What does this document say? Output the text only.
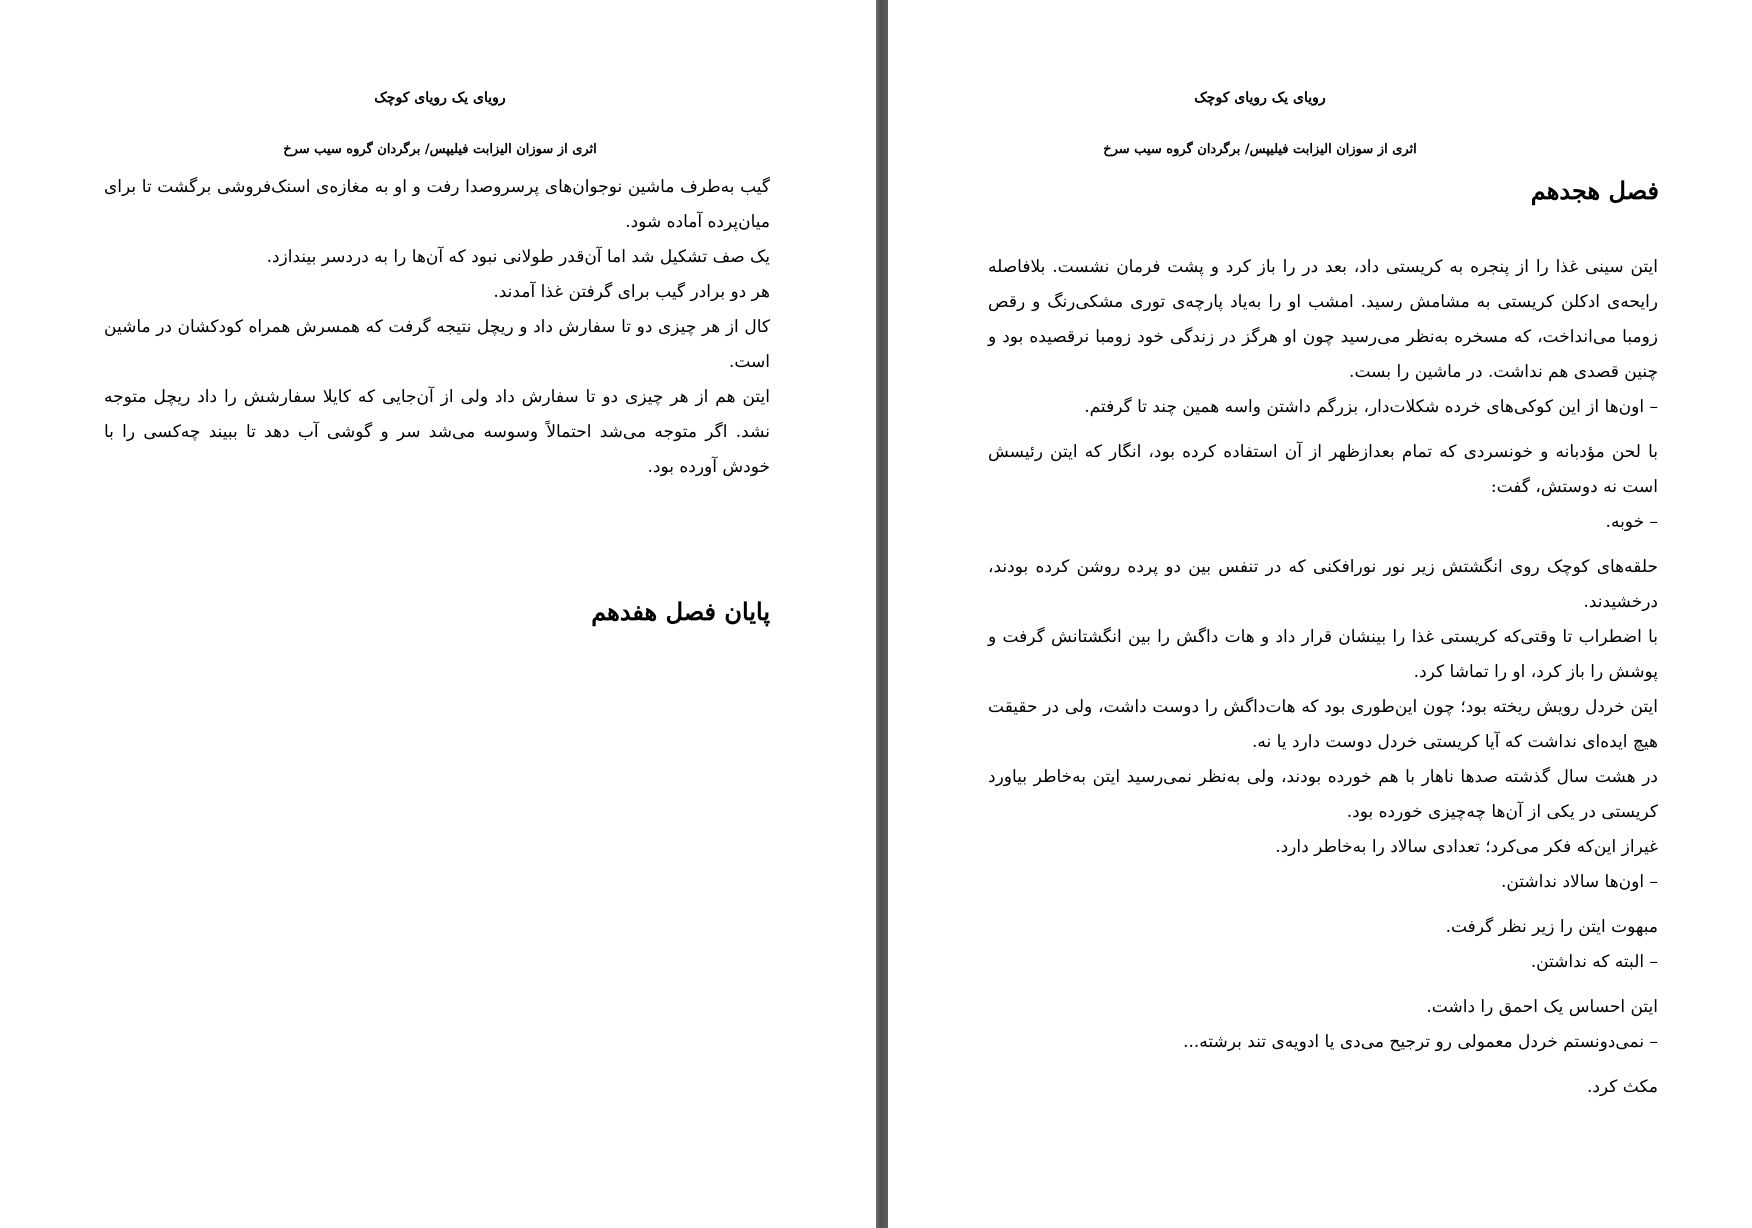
رویای یک رویای کوچک
اثری از سوزان الیزابت فیلیپس/ برگردان گروه سیب سرخ

گیب به‌طرف ماشین نوجوان‌های پرسروصدا رفت و او به مغازه‌ی اسنک‌فروشی برگشت تا برای میان‌پرده آماده شود.

یک صف تشکیل شد اما آن‌قدر طولانی نبود که آن‌ها را به دردسر بیندازد.

هر دو برادر گیب برای گرفتن غذا آمدند.

کال از هر چیزی دو تا سفارش داد و ریچل نتیجه گرفت که همسرش همراه کودکشان در ماشین است.

ایتن هم از هر چیزی دو تا سفارش داد ولی از آن‌جایی که کایلا سفارشش را داد ریچل متوجه نشد. اگر متوجه می‌شد احتمالاً وسوسه می‌شد سر و گوشی آب دهد تا ببیند چه‌کسی را با خودش آورده بود.

پایان فصل هفدهم
رویای یک رویای کوچک
اثری از سوزان الیزابت فیلیپس/ برگردان گروه سیب سرخ
فصل هجدهم

ایتن سینی غذا را از پنجره به کریستی داد، بعد در را باز کرد و پشت فرمان نشست. بلافاصله رایحه‌ی ادکلن کریستی به مشامش رسید. امشب او را به‌یاد پارچه‌ی توری مشکی‌رنگ و رقص زومبا می‌انداخت، که مسخره به‌نظر می‌رسید چون او هرگز در زندگی خود زومبا نرقصیده بود و چنین قصدی هم نداشت. در ماشین را بست.

– اون‌ها از این کوکی‌های خرده شکلات‌دار، بزرگم داشتن واسه همین چند تا گرفتم.

با لحن مؤدبانه و خونسردی که تمام بعدازظهر از آن استفاده کرده بود، انگار که ایتن رئیسش است نه دوستش، گفت:

– خوبه.

حلقه‌های کوچک روی انگشتش زیر نور نورافکنی که در تنفس بین دو پرده روشن کرده بودند، درخشیدند.

با اضطراب تا وقتی‌که کریستی غذا را بینشان قرار داد و هات داگش را بین انگشتانش گرفت و پوشش را باز کرد، او را تماشا کرد.

ایتن خردل رویش ریخته بود؛ چون این‌طوری بود که هات‌داگش را دوست داشت، ولی در حقیقت هیچ ایده‌ای نداشت که آیا کریستی خردل دوست دارد یا نه.

در هشت سال گذشته صدها ناهار با هم خورده بودند، ولی به‌نظر نمی‌رسید ایتن به‌خاطر بیاورد کریستی در یکی از آن‌ها چه‌چیزی خورده بود.

غیراز این‌که فکر می‌کرد؛ تعدادی سالاد را به‌خاطر دارد.

– اون‌ها سالاد نداشتن.

مبهوت ایتن را زیر نظر گرفت.

– البته که نداشتن.

ایتن احساس یک احمق را داشت.

– نمی‌دونستم خردل معمولی رو ترجیح می‌دی یا ادویه‌ی تند برشته...

مکث کرد.
